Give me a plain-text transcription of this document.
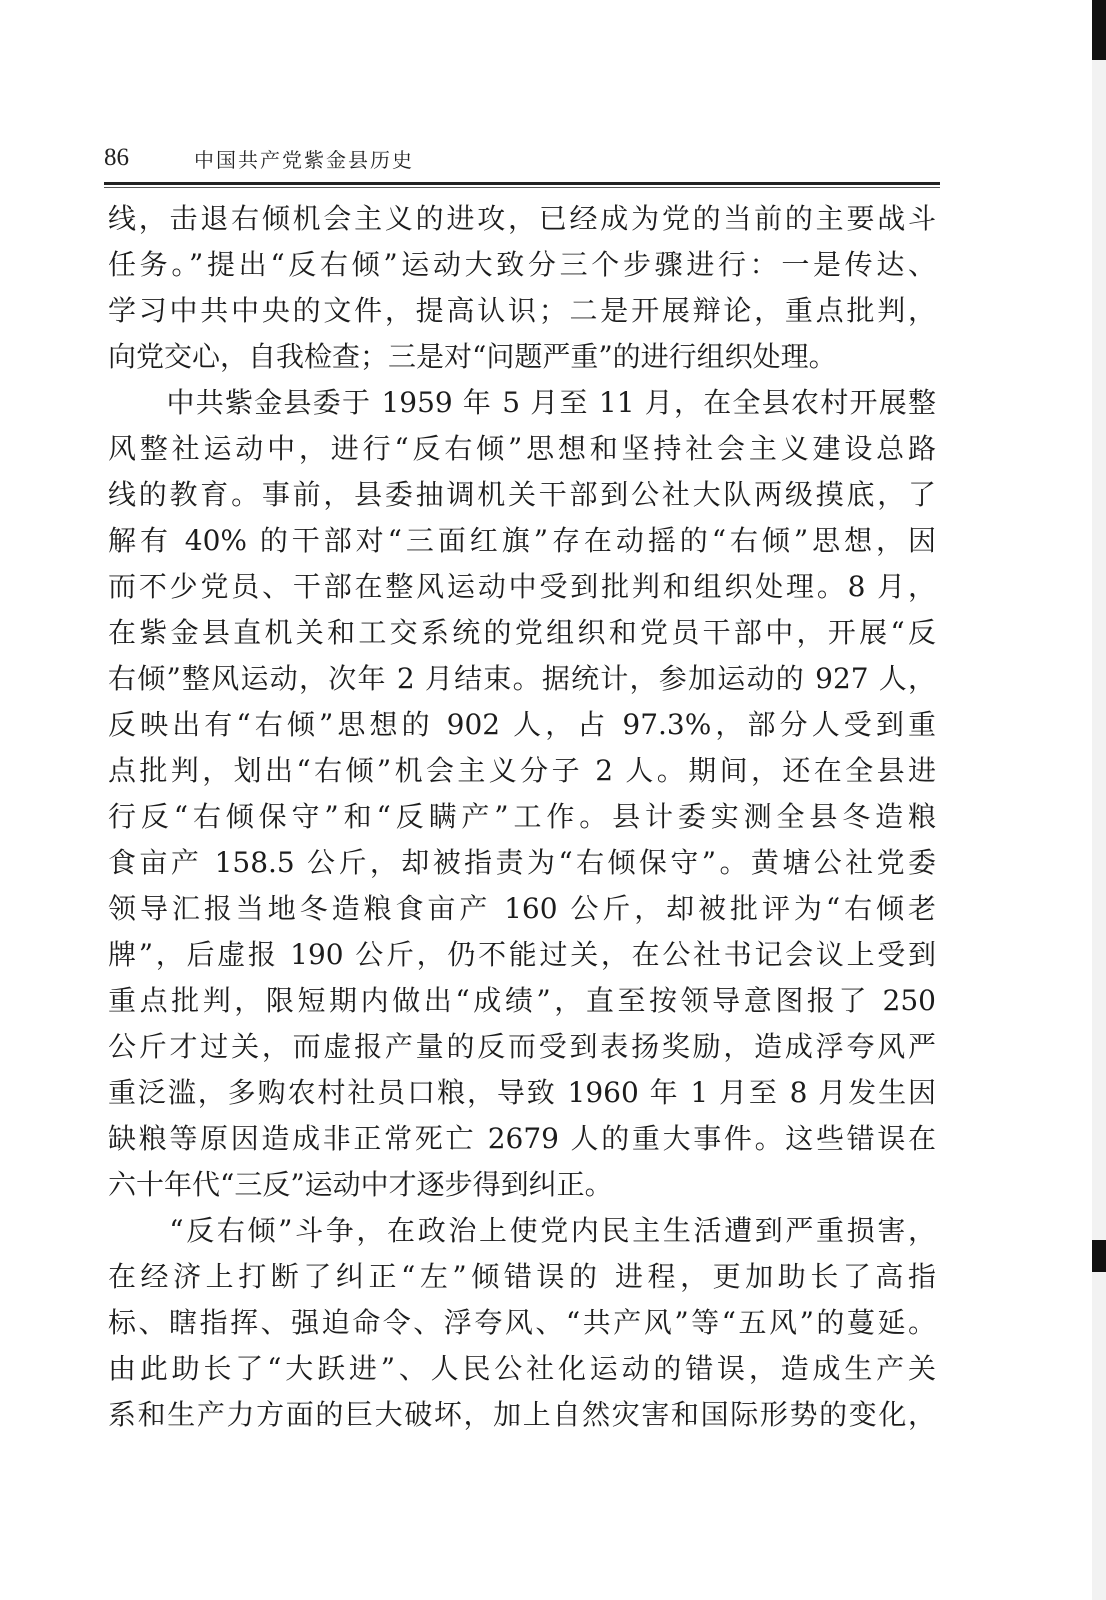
86	中国共产党紫金县历史
线，击退右倾机会主义的进攻，已经成为党的当前的主要战斗
任务。”提出“反右倾”运动大致分三个步骤进行：一是传达、
学习中共中央的文件，提高认识；二是开展辩论，重点批判，
向党交心，自我检查；三是对“问题严重”的进行组织处理。
　　中共紫金县委于 1959 年 5 月至 11 月，在全县农村开展整
风整社运动中，进行“反右倾”思想和坚持社会主义建设总路
线的教育。事前，县委抽调机关干部到公社大队两级摸底，了
解有 40% 的干部对“三面红旗”存在动摇的“右倾”思想，因
而不少党员、干部在整风运动中受到批判和组织处理。8 月，
在紫金县直机关和工交系统的党组织和党员干部中，开展“反
右倾”整风运动，次年 2 月结束。据统计，参加运动的 927 人，
反映出有“右倾”思想的 902 人，占 97.3%，部分人受到重
点批判，划出“右倾”机会主义分子 2 人。期间，还在全县进
行反“右倾保守”和“反瞒产”工作。县计委实测全县冬造粮
食亩产 158.5 公斤，却被指责为“右倾保守”。黄塘公社党委
领导汇报当地冬造粮食亩产 160 公斤，却被批评为“右倾老
牌”，后虚报 190 公斤，仍不能过关，在公社书记会议上受到
重点批判，限短期内做出“成绩”，直至按领导意图报了 250
公斤才过关，而虚报产量的反而受到表扬奖励，造成浮夸风严
重泛滥，多购农村社员口粮，导致 1960 年 1 月至 8 月发生因
缺粮等原因造成非正常死亡 2679 人的重大事件。这些错误在
六十年代“三反”运动中才逐步得到纠正。
　　“反右倾”斗争，在政治上使党内民主生活遭到严重损害，
在经济上打断了纠正“左”倾错误的 进程，更加助长了高指
标、瞎指挥、强迫命令、浮夸风、“共产风”等“五风”的蔓延。
由此助长了“大跃进”、人民公社化运动的错误，造成生产关
系和生产力方面的巨大破坏，加上自然灾害和国际形势的变化，
